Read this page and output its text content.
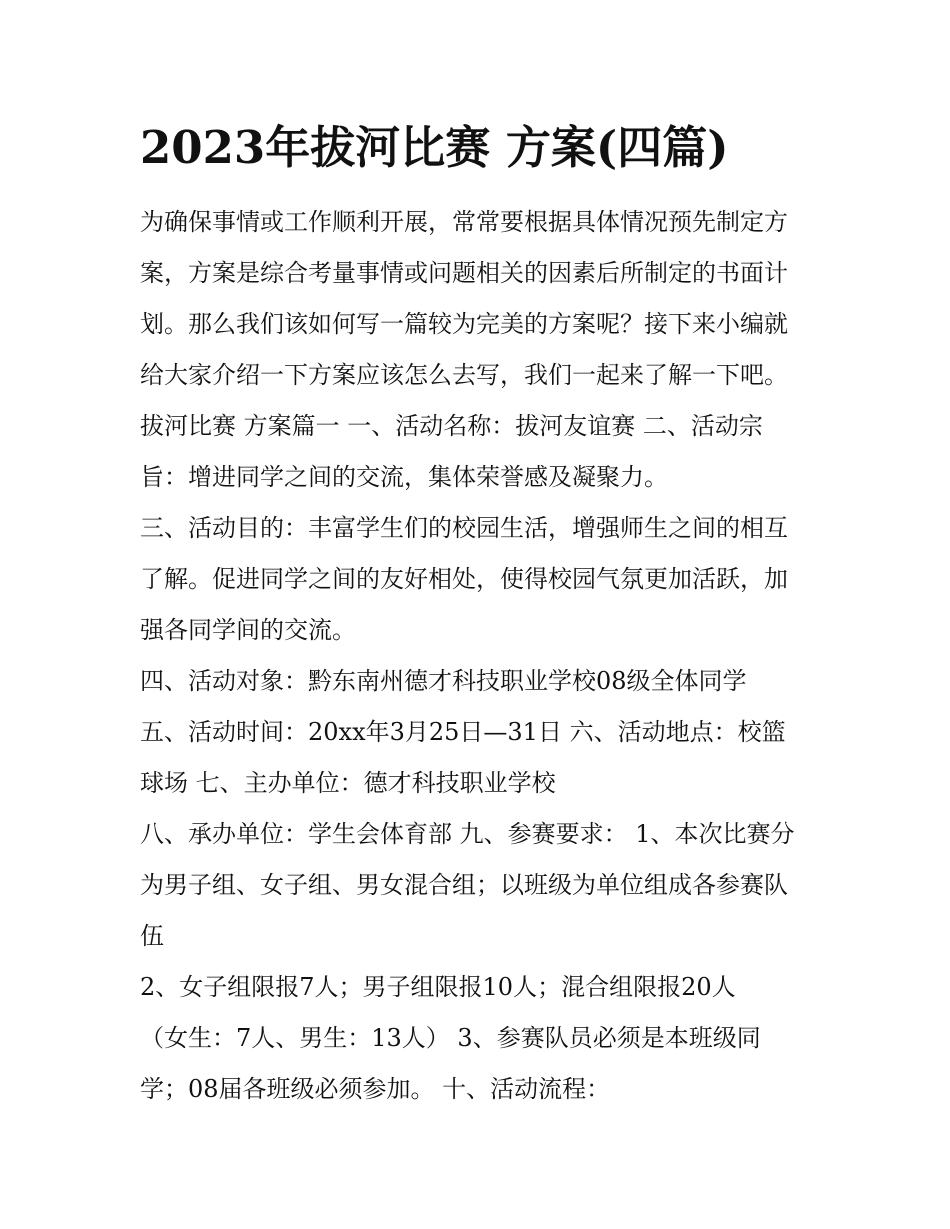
2023年拔河比赛 方案(四篇)
为确保事情或工作顺利开展，常常要根据具体情况预先制定方
案，方案是综合考量事情或问题相关的因素后所制定的书面计
划。那么我们该如何写一篇较为完美的方案呢？接下来小编就
给大家介绍一下方案应该怎么去写，我们一起来了解一下吧。
拔河比赛 方案篇一 一、活动名称：拔河友谊赛 二、活动宗
旨：增进同学之间的交流，集体荣誉感及凝聚力。
三、活动目的：丰富学生们的校园生活，增强师生之间的相互
了解。促进同学之间的友好相处，使得校园气氛更加活跃，加
强各同学间的交流。
四、活动对象：黔东南州德才科技职业学校08级全体同学
五、活动时间：20xx年3月25日—31日 六、活动地点：校篮
球场 七、主办单位：德才科技职业学校
八、承办单位：学生会体育部 九、参赛要求： 1、本次比赛分
为男子组、女子组、男女混合组；以班级为单位组成各参赛队
伍
2、女子组限报7人；男子组限报10人；混合组限报20人
（女生：7人、男生：13人） 3、参赛队员必须是本班级同
学；08届各班级必须参加。 十、活动流程：
